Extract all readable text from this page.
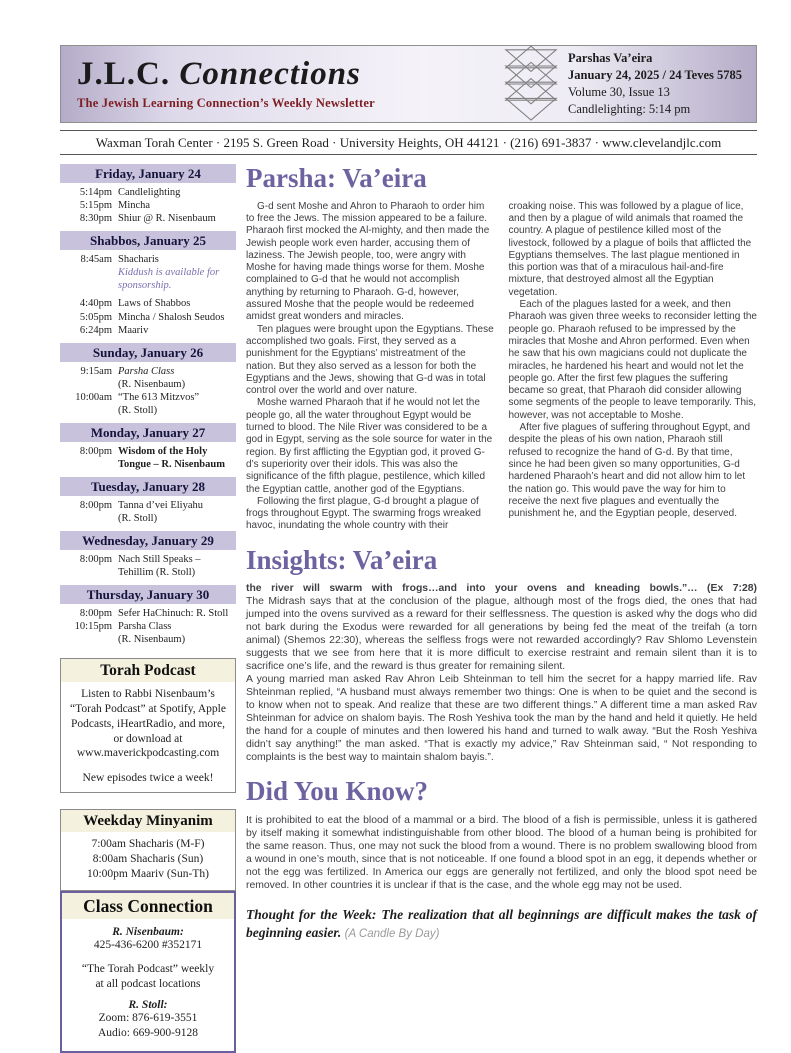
J.L.C. Connections
The Jewish Learning Connection’s Weekly Newsletter
Parshas Va’eira
January 24, 2025 / 24 Teves 5785
Volume 30, Issue 13
Candlelighting: 5:14 pm
Waxman Torah Center · 2195 S. Green Road · University Heights, OH 44121 · (216) 691-3837 · www.clevelandjlc.com
Friday, January 24
5:14pm Candlelighting
5:15pm Mincha
8:30pm Shiur @ R. Nisenbaum
Shabbos, January 25
8:45am Shacharis
Kiddush is available for sponsorship.
4:40pm Laws of Shabbos
5:05pm Mincha / Shalosh Seudos
6:24pm Maariv
Sunday, January 26
9:15am Parsha Class
(R. Nisenbaum)
10:00am “The 613 Mitzvos”
(R. Stoll)
Monday, January 27
8:00pm Wisdom of the Holy
Tongue – R. Nisenbaum
Tuesday, January 28
8:00pm Tanna d’vei Eliyahu
(R. Stoll)
Wednesday, January 29
8:00pm Nach Still Speaks –
Tehillim (R. Stoll)
Thursday, January 30
8:00pm Sefer HaChinuch: R. Stoll
10:15pm Parsha Class
(R. Nisenbaum)
Torah Podcast
Listen to Rabbi Nisenbaum’s “Torah Podcast” at Spotify, Apple Podcasts, iHeartRadio, and more, or download at www.maverickpodcasting.com
New episodes twice a week!
Weekday Minyanim
7:00am Shacharis (M-F)
8:00am Shacharis (Sun)
10:00pm Maariv (Sun-Th)
Class Connection
R. Nisenbaum:
425-436-6200 #352171
“The Torah Podcast” weekly
at all podcast locations
R. Stoll:
Zoom: 876-619-3551
Audio: 669-900-9128
Parsha: Va’eira

G-d sent Moshe and Ahron to Pharaoh to order him to free the Jews. The mission appeared to be a failure. Pharaoh first mocked the Al-mighty, and then made the Jewish people work even harder, accusing them of laziness. The Jewish people, too, were angry with Moshe for having made things worse for them. Moshe complained to G-d that he would not accomplish anything by returning to Pharaoh. G-d, however, assured Moshe that the people would be redeemed amidst great wonders and miracles.

Ten plagues were brought upon the Egyptians. These accomplished two goals. First, they served as a punishment for the Egyptians’ mistreatment of the nation. But they also served as a lesson for both the Egyptians and the Jews, showing that G-d was in total control over the world and over nature.

Moshe warned Pharaoh that if he would not let the people go, all the water throughout Egypt would be turned to blood. The Nile River was considered to be a god in Egypt, serving as the sole source for water in the region. By first afflicting the Egyptian god, it proved G-d’s superiority over their idols. This was also the significance of the fifth plague, pestilence, which killed the Egyptian cattle, another god of the Egyptians.

Following the first plague, G-d brought a plague of frogs throughout Egypt. The swarming frogs wreaked havoc, inundating the whole country with their

croaking noise. This was followed by a plague of lice, and then by a plague of wild animals that roamed the country. A plague of pestilence killed most of the livestock, followed by a plague of boils that afflicted the Egyptians themselves. The last plague mentioned in this portion was that of a miraculous hail-and-fire mixture, that destroyed almost all the Egyptian vegetation.

Each of the plagues lasted for a week, and then Pharaoh was given three weeks to reconsider letting the people go. Pharaoh refused to be impressed by the miracles that Moshe and Ahron performed. Even when he saw that his own magicians could not duplicate the miracles, he hardened his heart and would not let the people go. After the first few plagues the suffering became so great, that Pharaoh did consider allowing some segments of the people to leave temporarily. This, however, was not acceptable to Moshe.

After five plagues of suffering throughout Egypt, and despite the pleas of his own nation, Pharaoh still refused to recognize the hand of G-d. By that time, since he had been given so many opportunities, G-d hardened Pharaoh’s heart and did not allow him to let the nation go. This would pave the way for him to receive the next five plagues and eventually the punishment he, and the Egyptian people, deserved.

Insights: Va’eira

the river will swarm with frogs…and into your ovens and kneading bowls.”… (Ex 7:28)

The Midrash says that at the conclusion of the plague, although most of the frogs died, the ones that had jumped into the ovens survived as a reward for their selflessness. The question is asked why the dogs who did not bark during the Exodus were rewarded for all generations by being fed the meat of the treifah (a torn animal) (Shemos 22:30), whereas the selfless frogs were not rewarded accordingly? Rav Shlomo Levenstein suggests that we see from here that it is more difficult to exercise restraint and remain silent than it is to sacrifice one’s life, and the reward is thus greater for remaining silent.

A young married man asked Rav Ahron Leib Shteinman to tell him the secret for a happy married life. Rav Shteinman replied, “A husband must always remember two things: One is when to be quiet and the second is to know when not to speak. And realize that these are two different things.” A different time a man asked Rav Shteinman for advice on shalom bayis. The Rosh Yeshiva took the man by the hand and held it quietly. He held the hand for a couple of minutes and then lowered his hand and turned to walk away. “But the Rosh Yeshiva didn’t say anything!” the man asked. “That is exactly my advice,” Rav Shteinman said, “ Not responding to complaints is the best way to maintain shalom bayis.”.

Did You Know?

It is prohibited to eat the blood of a mammal or a bird. The blood of a fish is permissible, unless it is gathered by itself making it somewhat indistinguishable from other blood. The blood of a human being is prohibited for the same reason. Thus, one may not suck the blood from a wound. There is no problem swallowing blood from a wound in one’s mouth, since that is not noticeable. If one found a blood spot in an egg, it depends whether or not the egg was fertilized. In America our eggs are generally not fertilized, and only the blood spot need be removed. In other countries it is unclear if that is the case, and the whole egg may not be used.

Thought for the Week: The realization that all beginnings are difficult makes the task of beginning easier. (A Candle By Day)
